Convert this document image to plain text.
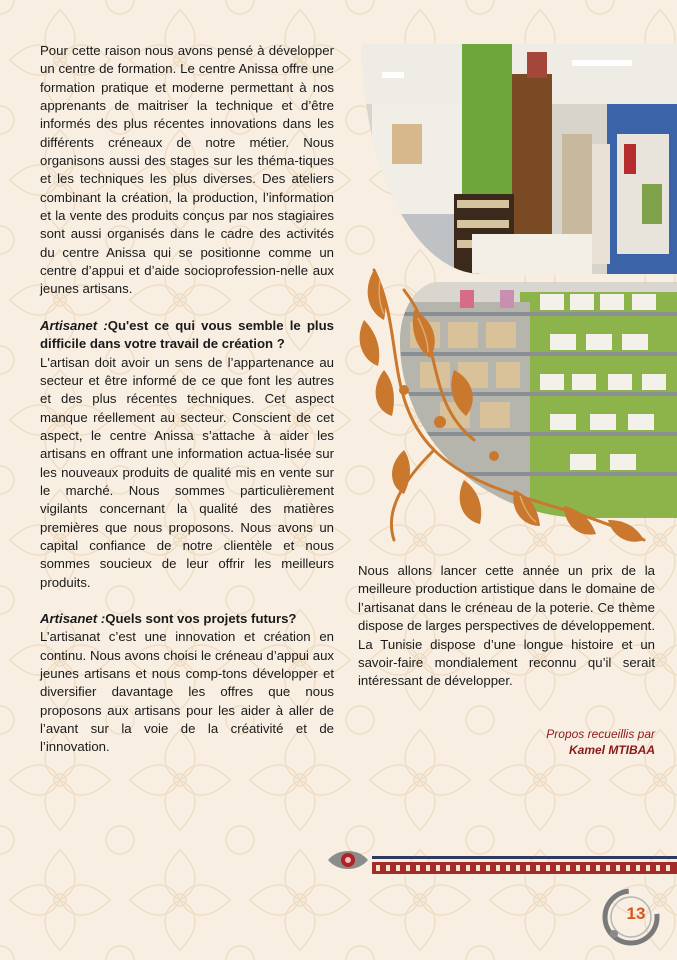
Pour cette raison nous avons pensé à développer un centre de formation. Le centre Anissa offre une formation pratique et moderne permettant à nos apprenants de maitriser la technique et d’être informés des plus récentes innovations dans les différents créneaux de notre métier. Nous organisons aussi des stages sur les théma-tiques et les techniques les plus diverses. Des ateliers combinant la création, la production, l’information et la vente des produits conçus par nos stagiaires sont aussi organisés dans le cadre des activités du centre Anissa qui se positionne comme un centre d’appui et d’aide socioprofession-nelle aux jeunes artisans.

Artisanet :Qu'est ce qui vous semble le plus difficile dans votre travail de création ?

L'artisan doit avoir un sens de l’appartenance au secteur et être informé de ce que font les autres et des plus récentes techniques. Cet aspect manque réellement au secteur. Conscient de cet aspect, le centre Anissa s’attache à aider les artisans en offrant une information actua-lisée sur les nouveaux produits de qualité mis en vente sur le marché. Nous sommes particulièrement vigilants concernant la qualité des matières premières que nous proposons. Nous avons un capital confiance de notre clientèle et nous sommes soucieux de leur offrir les meilleurs produits.

Artisanet :Quels sont vos projets futurs?

L’artisanat c’est une innovation et création en continu. Nous avons choisi le créneau d’appui aux jeunes artisans et nous comp-tons développer et diversifier davantage les offres que nous proposons aux artisans pour les aider à aller de l’avant sur la voie de la créativité et de l’innovation.

Nous allons lancer cette année un prix de la meilleure production artistique dans le domaine de l’artisanat dans le créneau de la poterie. Ce thème dispose de larges perspectives de développement. La Tunisie dispose d’une longue histoire et un savoir-faire mondialement reconnu qu’il serait intéressant de développer.

Propos recueillis par
Kamel MTIBAA
13
